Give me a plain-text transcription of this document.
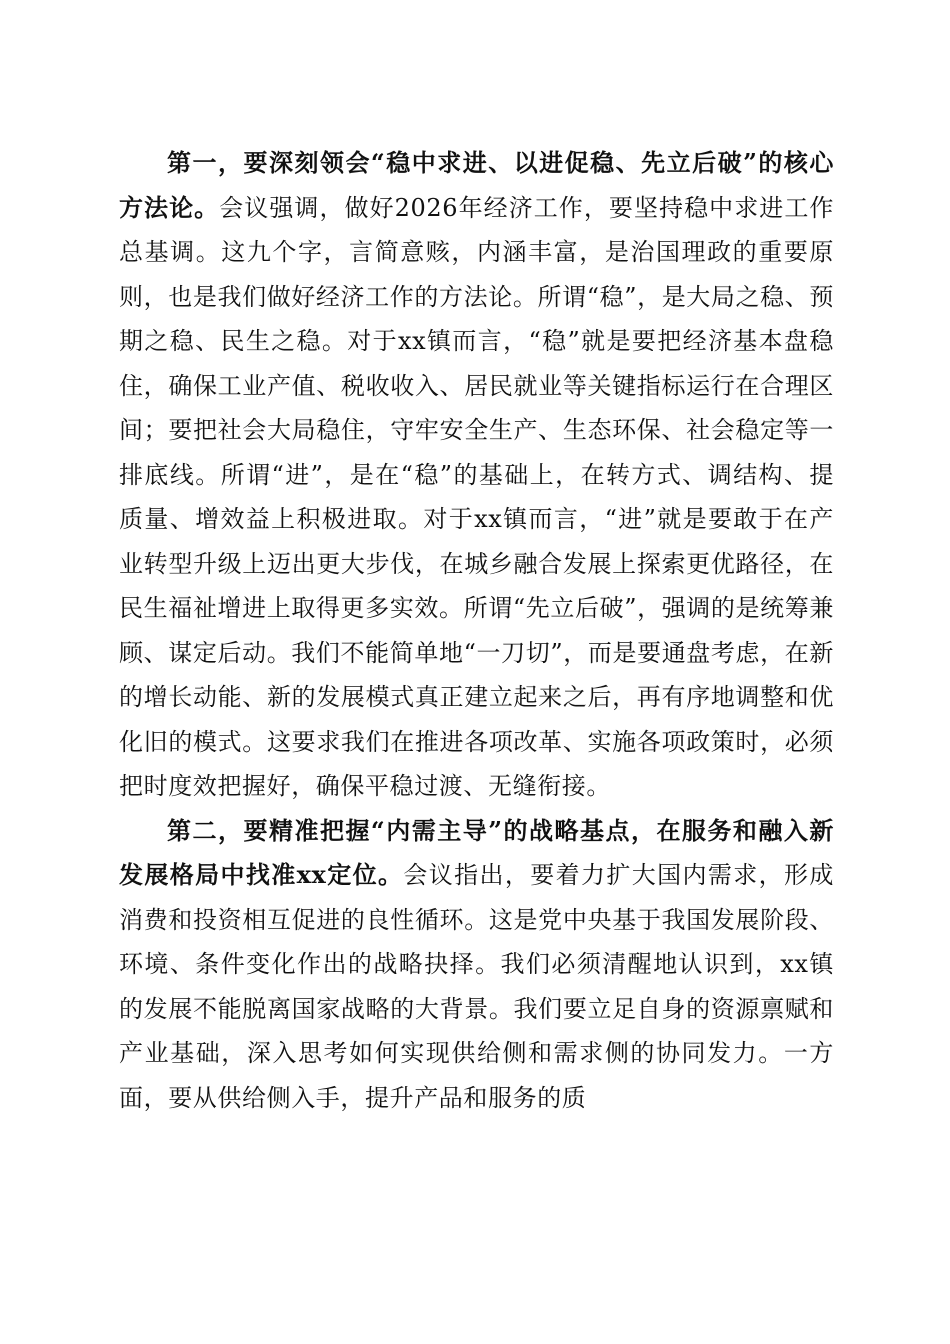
第一，要深刻领会“稳中求进、以进促稳、先立后破”的核心方法论。会议强调，做好2026年经济工作，要坚持稳中求进工作总基调。这九个字，言简意赅，内涵丰富，是治国理政的重要原则，也是我们做好经济工作的方法论。所谓“稳”，是大局之稳、预期之稳、民生之稳。对于xx镇而言，“稳”就是要把经济基本盘稳住，确保工业产值、税收收入、居民就业等关键指标运行在合理区间；要把社会大局稳住，守牢安全生产、生态环保、社会稳定等一排底线。所谓“进”，是在“稳”的基础上，在转方式、调结构、提质量、增效益上积极进取。对于xx镇而言，“进”就是要敢于在产业转型升级上迈出更大步伐，在城乡融合发展上探索更优路径，在民生福祉增进上取得更多实效。所谓“先立后破”，强调的是统筹兼顾、谋定后动。我们不能简单地“一刀切”，而是要通盘考虑，在新的增长动能、新的发展模式真正建立起来之后，再有序地调整和优化旧的模式。这要求我们在推进各项改革、实施各项政策时，必须把时度效把握好，确保平稳过渡、无缝衔接。

第二，要精准把握“内需主导”的战略基点，在服务和融入新发展格局中找准xx定位。会议指出，要着力扩大国内需求，形成消费和投资相互促进的良性循环。这是党中央基于我国发展阶段、环境、条件变化作出的战略抉择。我们必须清醒地认识到，xx镇的发展不能脱离国家战略的大背景。我们要立足自身的资源禀赋和产业基础，深入思考如何实现供给侧和需求侧的协同发力。一方面，要从供给侧入手，提升产品和服务的质
